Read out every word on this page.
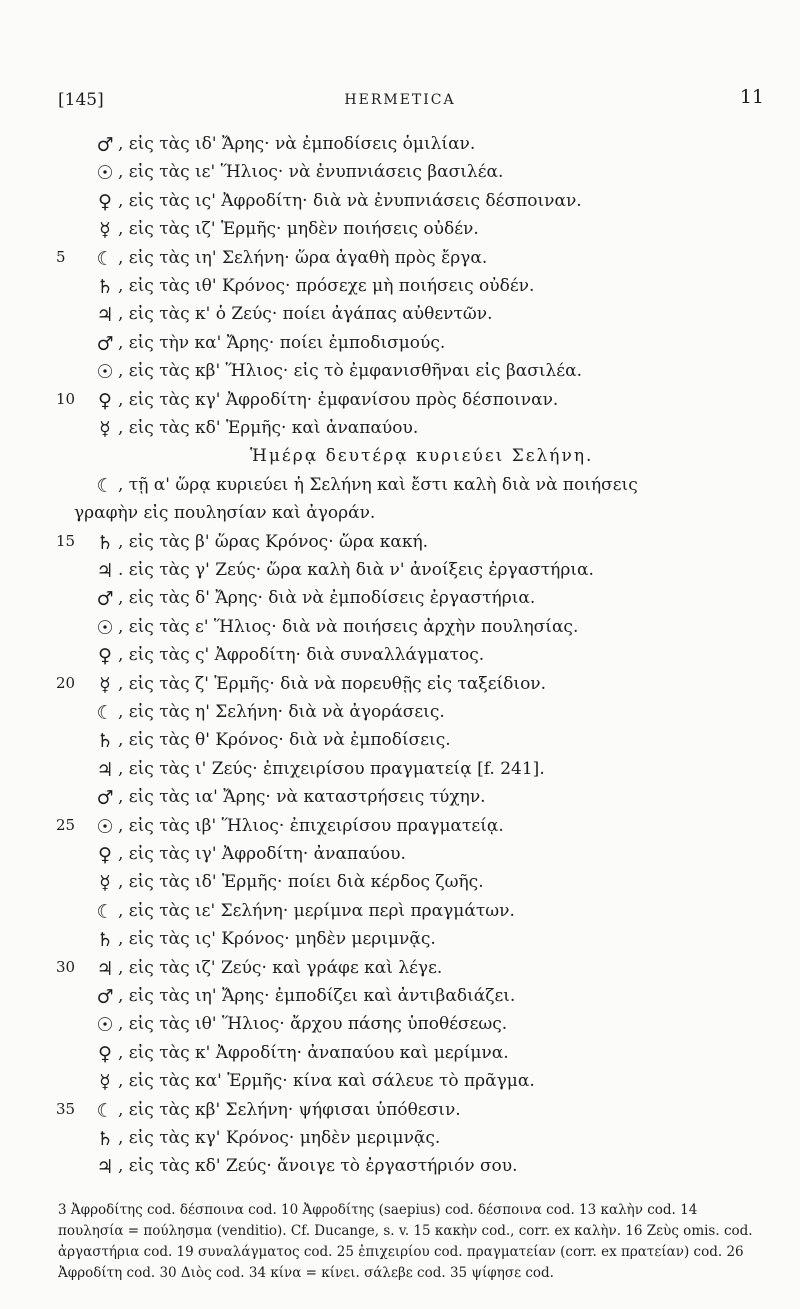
[145]	HERMETICA	11
♂ , εἰς τὰς ιδ' Ἄρης· νὰ ἐμποδίσεις ὁμιλίαν.
☉ , εἰς τὰς ιε' Ἥλιος· νὰ ἐνυπνιάσεις βασιλέα.
♀ , εἰς τὰς ις' Ἀφροδίτη· διὰ νὰ ἐνυπνιάσεις δέσποιναν.
☿ , εἰς τὰς ιζ' Ἑρμῆς· μηδὲν ποιήσεις οὐδέν.
5	☾ , εἰς τὰς ιη' Σελήνη· ὥρα ἀγαθὴ πρὸς ἔργα.
♄ , εἰς τὰς ιθ' Κρόνος· πρόσεχε μὴ ποιήσεις οὐδέν.
♃ , εἰς τὰς κ' ὁ Ζεύς· ποίει ἀγάπας αὐθεντῶν.
♂ , εἰς τὴν κα' Ἄρης· ποίει ἐμποδισμούς.
☉ , εἰς τὰς κβ' Ἥλιος· εἰς τὸ ἐμφανισθῆναι εἰς βασιλέα.
10	♀ , εἰς τὰς κγ' Ἀφροδίτη· ἐμφανίσου πρὸς δέσποιναν.
☿ , εἰς τὰς κδ' Ἑρμῆς· καὶ ἀναπαύου.
Ἡμέρᾳ δευτέρᾳ κυριεύει Σελήνη.
☾ , τῇ α' ὥρᾳ κυριεύει ἡ Σελήνη καὶ ἔστι καλὴ διὰ νὰ ποιήσεις
γραφὴν εἰς πουλησίαν καὶ ἀγοράν.
15 ♄ , εἰς τὰς β' ὥρας Κρόνος· ὥρα κακή.
♃ . εἰς τὰς γ' Ζεύς· ὥρα καλὴ διὰ ν' ἀνοίξεις ἐργαστήρια.
♂ , εἰς τὰς δ' Ἄρης· διὰ νὰ ἐμποδίσεις ἐργαστήρια.
☉ , εἰς τὰς ε' Ἥλιος· διὰ νὰ ποιήσεις ἀρχὴν πουλησίας.
♀ , εἰς τὰς ς' Ἀφροδίτη· διὰ συναλλάγματος.
20	☿ , εἰς τὰς ζ' Ἑρμῆς· διὰ νὰ πορευθῇς εἰς ταξείδιον.
☾ , εἰς τὰς η' Σελήνη· διὰ νὰ ἀγοράσεις.
♄ , εἰς τὰς θ' Κρόνος· διὰ νὰ ἐμποδίσεις.
♃ , εἰς τὰς ι' Ζεύς· ἐπιχειρίσου πραγματείᾳ [f. 241].
♂ , εἰς τὰς ια' Ἄρης· νὰ καταστρήσεις τύχην.
25 ☉ , εἰς τὰς ιβ' Ἥλιος· ἐπιχειρίσου πραγματείᾳ.
♀ , εἰς τὰς ιγ' Ἀφροδίτη· ἀναπαύου.
☿ , εἰς τὰς ιδ' Ἑρμῆς· ποίει διὰ κέρδος ζωῆς.
☾ , εἰς τὰς ιε' Σελήνη· μερίμνα περὶ πραγμάτων.
♄ , εἰς τὰς ις' Κρόνος· μηδὲν μεριμνᾷς.
30 ♃ , εἰς τὰς ιζ' Ζεύς· καὶ γράφε καὶ λέγε.
♂ , εἰς τὰς ιη' Ἄρης· ἐμποδίζει καὶ ἀντιβαδιάζει.
☉ , εἰς τὰς ιθ' Ἥλιος· ἄρχου πάσης ὑποθέσεως.
♀ , εἰς τὰς κ' Ἀφροδίτη· ἀναπαύου καὶ μερίμνα.
☿ , εἰς τὰς κα' Ἑρμῆς· κίνα καὶ σάλευε τὸ πρᾶγμα.
35 ☾ , εἰς τὰς κβ' Σελήνη· ψήφισαι ὑπόθεσιν.
♄ , εἰς τὰς κγ' Κρόνος· μηδὲν μεριμνᾷς.
♃ , εἰς τὰς κδ' Ζεύς· ἄνοιγε τὸ ἐργαστήριόν σου.
3 Ἀφροδίτης cod. δέσποινα cod. 10 Ἀφροδίτης (saepius) cod. δέσποινα cod. 13 καλὴν cod. 14 πουλησία = πούλησμα (venditio). Cf. Ducange, s. v. 15 κακὴν cod., corr. ex καλὴν. 16 Ζεὺς omis. cod. ἀργαστήρια cod. 19 συναλάγματος cod. 25 ἐπιχειρίου cod. πραγματείαν (corr. ex πρατείαν) cod. 26 Ἀφροδίτη cod. 30 Διὸς cod. 34 κίνα = κίνει. σάλεβε cod. 35 ψίφησε cod.
